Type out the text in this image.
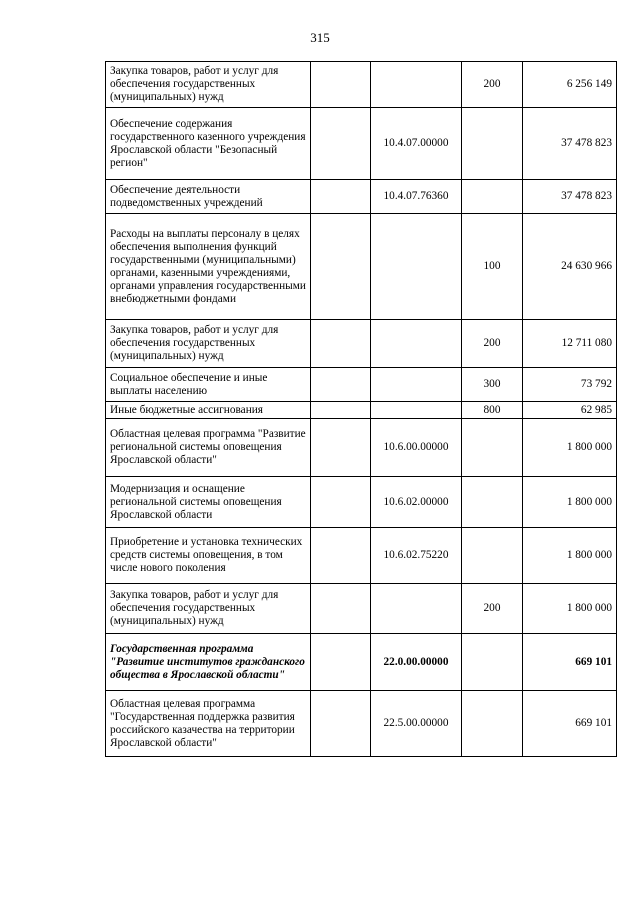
315
Закупка товаров, работ и услуг для обеспечения государственных (муниципальных) нужд			200	6 256 149
Обеспечение содержания государственного казенного учреждения Ярославской области "Безопасный регион"		10.4.07.00000		37 478 823
Обеспечение деятельности подведомственных учреждений		10.4.07.76360		37 478 823
Расходы на выплаты персоналу в целях обеспечения выполнения функций государственными (муниципальными) органами, казенными учреждениями, органами управления государственными внебюджетными фондами			100	24 630 966
Закупка товаров, работ и услуг для обеспечения государственных (муниципальных) нужд			200	12 711 080
Социальное обеспечение и иные выплаты населению			300	73 792
Иные бюджетные ассигнования			800	62 985
Областная целевая программа "Развитие региональной системы оповещения Ярославской области"		10.6.00.00000		1 800 000
Модернизация и оснащение региональной системы оповещения Ярославской области		10.6.02.00000		1 800 000
Приобретение и установка технических средств системы оповещения, в том числе нового поколения		10.6.02.75220		1 800 000
Закупка товаров, работ и услуг для обеспечения государственных (муниципальных) нужд			200	1 800 000
Государственная программа "Развитие институтов гражданского общества в Ярославской области"		22.0.00.00000		669 101
Областная целевая программа "Государственная поддержка развития российского казачества на территории Ярославской области"		22.5.00.00000		669 101
